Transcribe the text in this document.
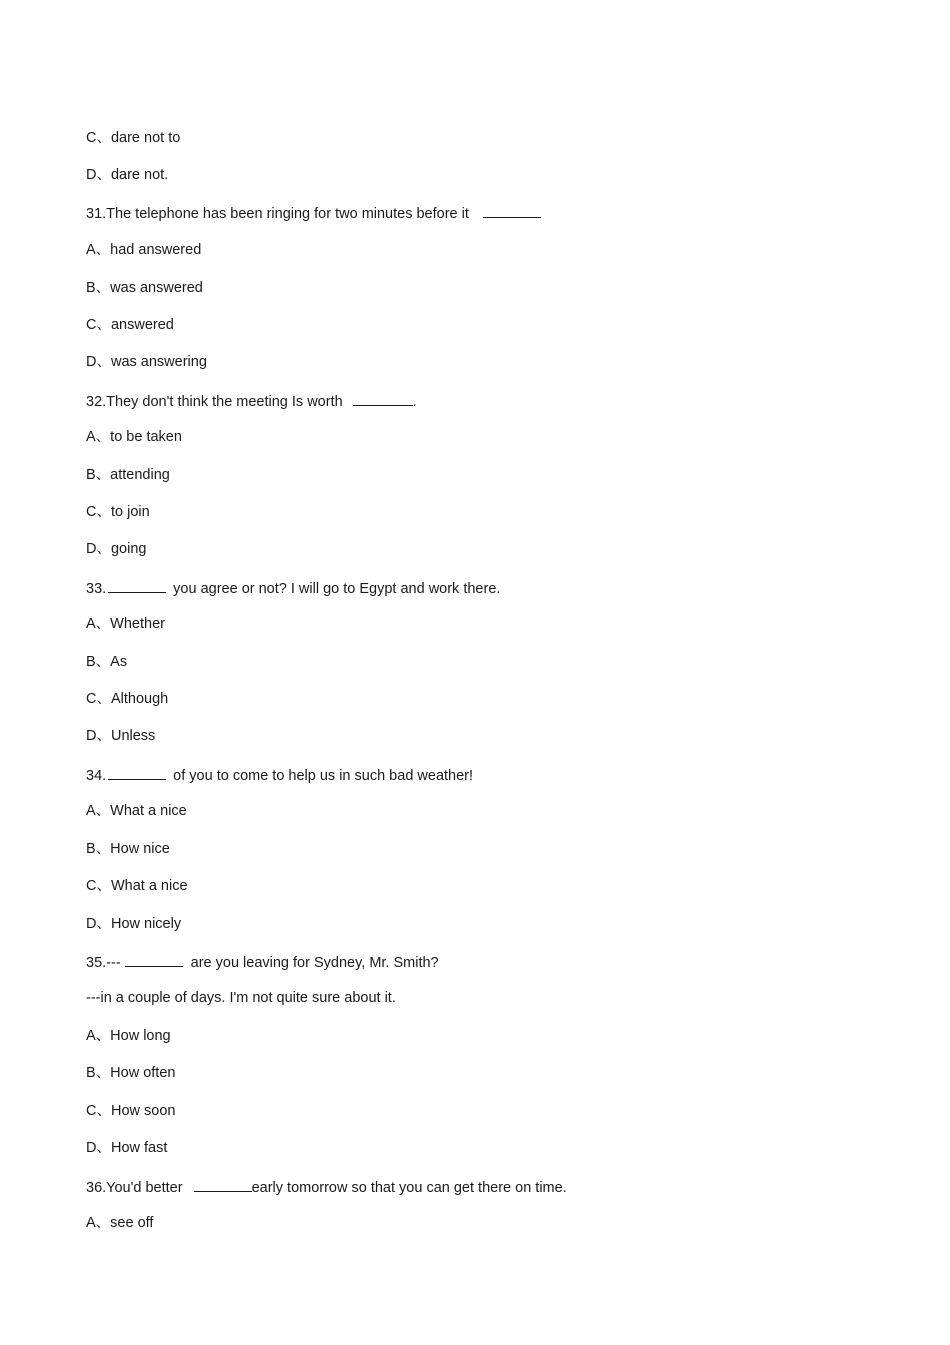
C、dare not to
D、dare not.
31.The telephone has been ringing for two minutes before it
A、had answered
B、was answered
C、answered
D、was answering
32.They don't think the meeting Is worth	.
A、to be taken
B、attending
C、to join
D、going
33.	you agree or not? I will go to Egypt and work there.
A、Whether
B、As
C、Although
D、Unless
34.	of you to come to help us in such bad weather!
A、What a nice
B、How nice
C、What a nice
D、How nicely
35.---	are you leaving for Sydney, Mr. Smith?
---in a couple of days. I'm not quite sure about it.
A、How long
B、How often
C、How soon
D、How fast
36.You'd better	early tomorrow so that you can get there on time.
A、see off
